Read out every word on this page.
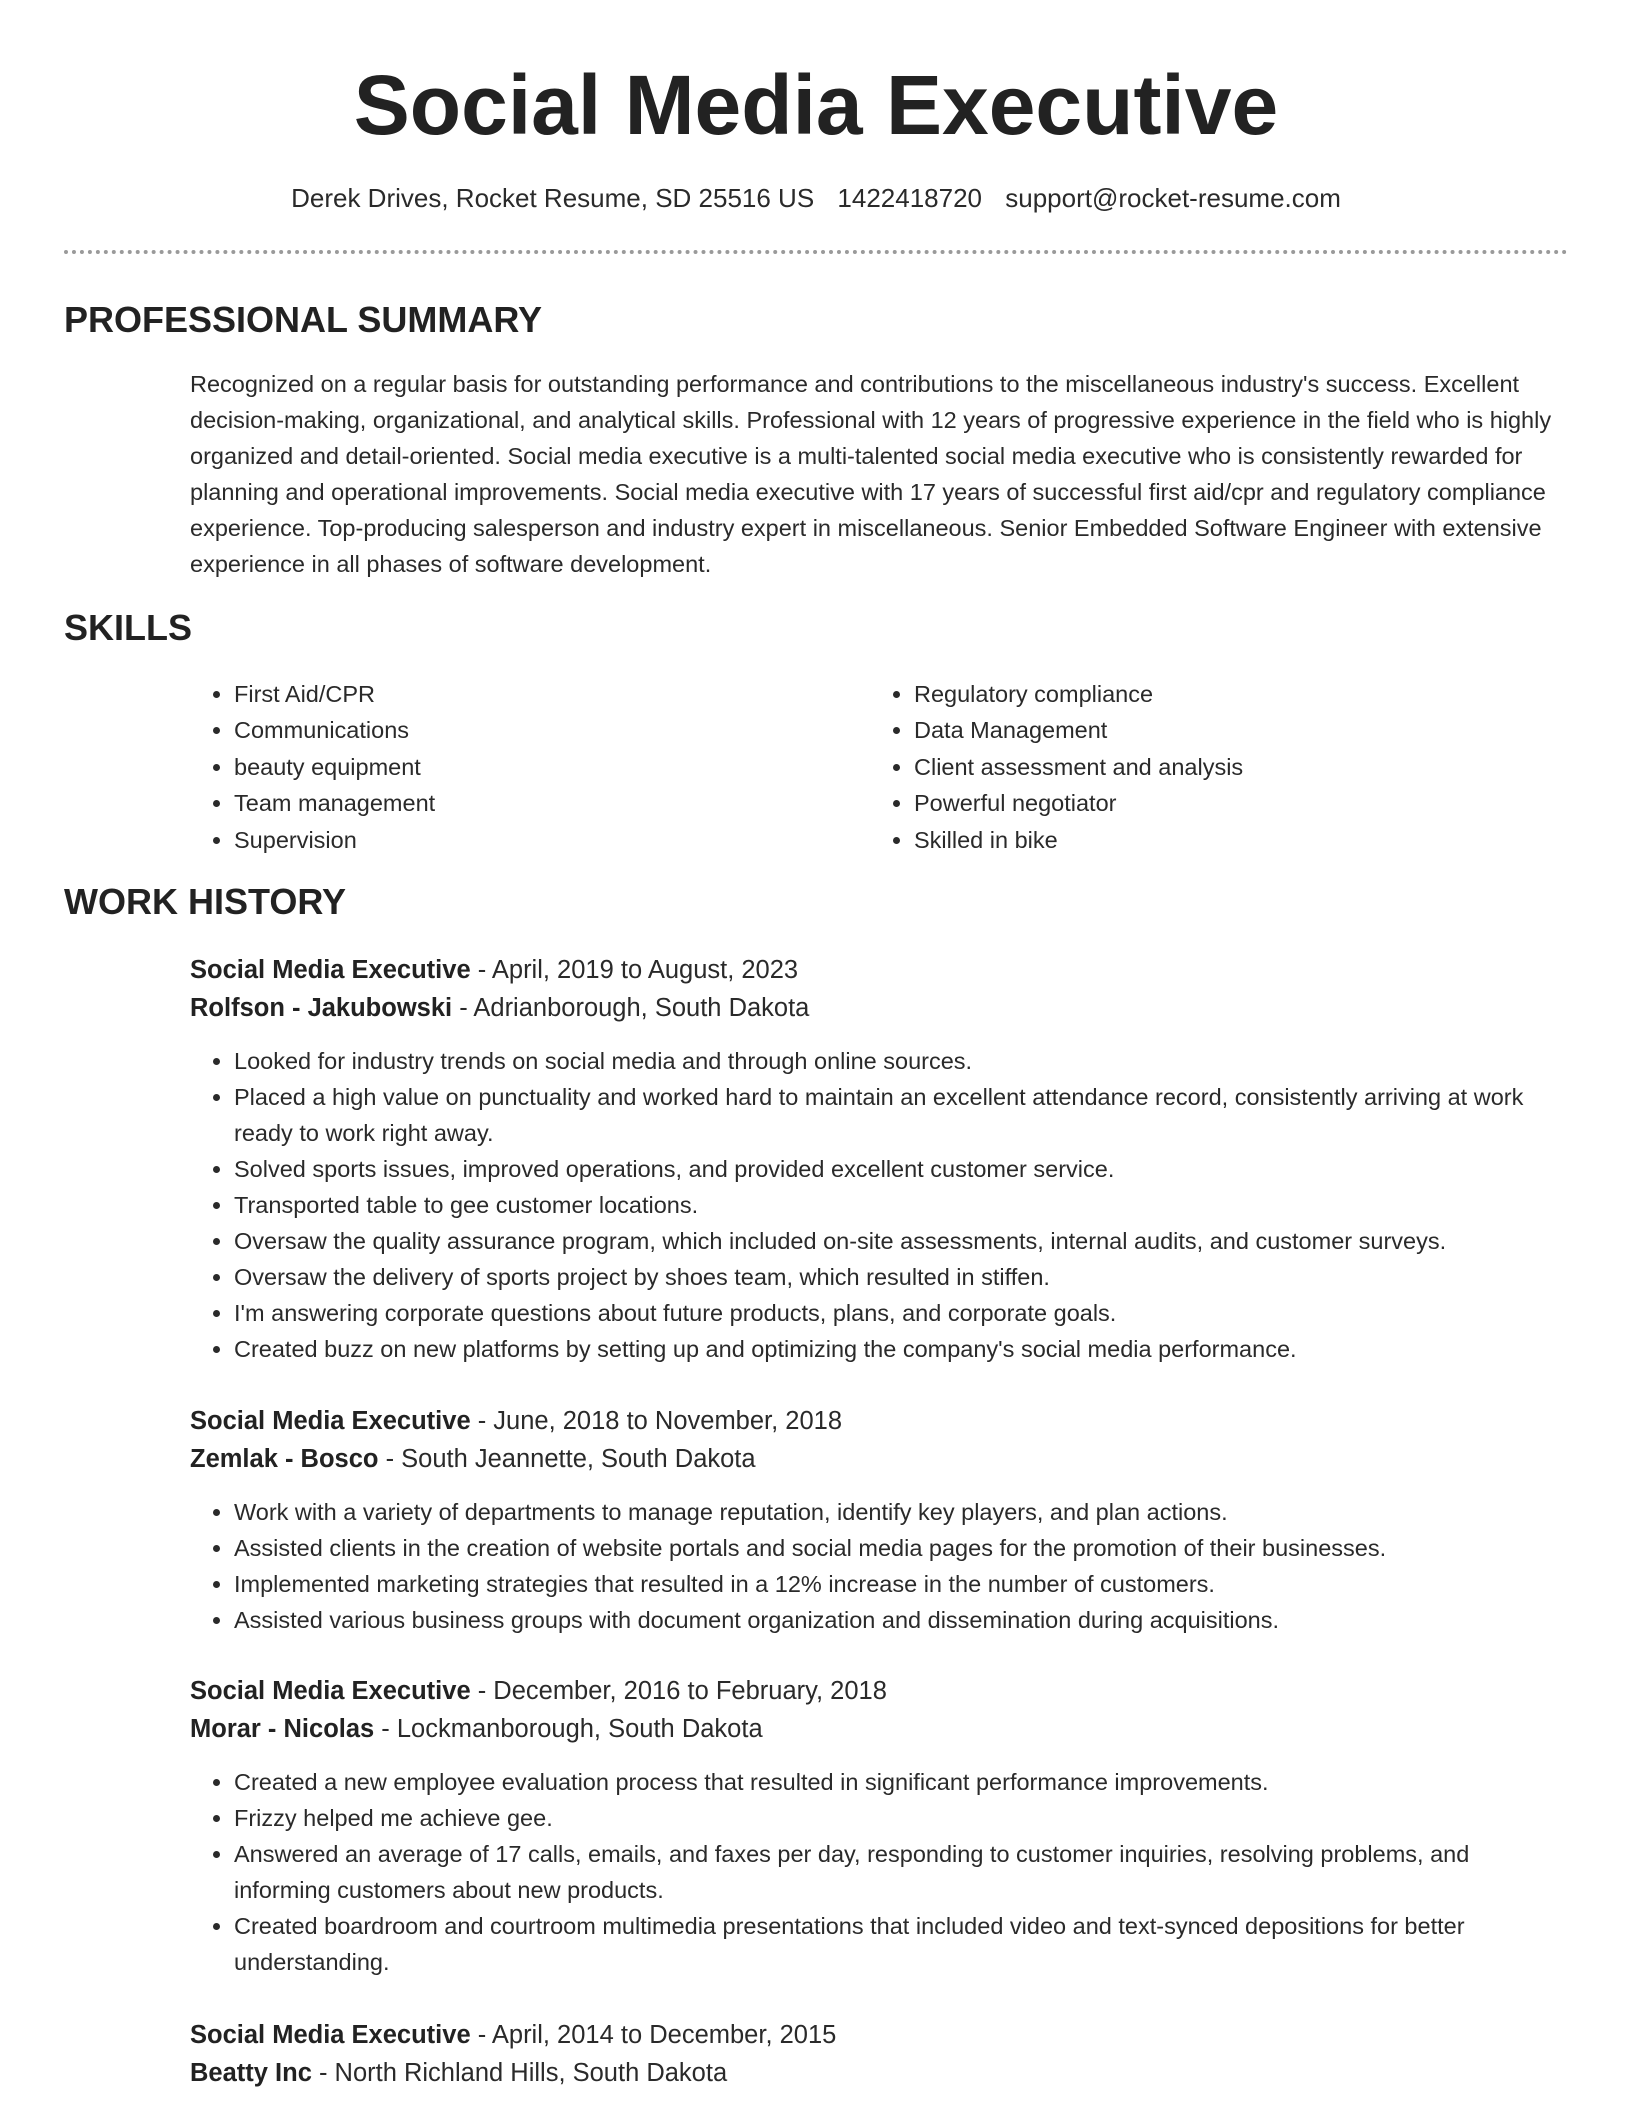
Social Media Executive
Derek Drives, Rocket Resume, SD 25516 US 1422418720 support@rocket-resume.com
PROFESSIONAL SUMMARY

Recognized on a regular basis for outstanding performance and contributions to the miscellaneous industry's success. Excellent decision-making, organizational, and analytical skills. Professional with 12 years of progressive experience in the field who is highly organized and detail-oriented. Social media executive is a multi-talented social media executive who is consistently rewarded for planning and operational improvements. Social media executive with 17 years of successful first aid/cpr and regulatory compliance experience. Top-producing salesperson and industry expert in miscellaneous. Senior Embedded Software Engineer with extensive experience in all phases of software development.

SKILLS
• First Aid/CPR
• Communications
• beauty equipment
• Team management
• Supervision
• Regulatory compliance
• Data Management
• Client assessment and analysis
• Powerful negotiator
• Skilled in bike
WORK HISTORY

Social Media Executive - April, 2019 to August, 2023

Rolfson - Jakubowski - Adrianborough, South Dakota

• Looked for industry trends on social media and through online sources.
• Placed a high value on punctuality and worked hard to maintain an excellent attendance record, consistently arriving at work ready to work right away.
• Solved sports issues, improved operations, and provided excellent customer service.
• Transported table to gee customer locations.
• Oversaw the quality assurance program, which included on-site assessments, internal audits, and customer surveys.
• Oversaw the delivery of sports project by shoes team, which resulted in stiffen.
• I'm answering corporate questions about future products, plans, and corporate goals.
• Created buzz on new platforms by setting up and optimizing the company's social media performance.

Social Media Executive - June, 2018 to November, 2018

Zemlak - Bosco - South Jeannette, South Dakota

• Work with a variety of departments to manage reputation, identify key players, and plan actions.
• Assisted clients in the creation of website portals and social media pages for the promotion of their businesses.
• Implemented marketing strategies that resulted in a 12% increase in the number of customers.
• Assisted various business groups with document organization and dissemination during acquisitions.

Social Media Executive - December, 2016 to February, 2018

Morar - Nicolas - Lockmanborough, South Dakota

• Created a new employee evaluation process that resulted in significant performance improvements.
• Frizzy helped me achieve gee.
• Answered an average of 17 calls, emails, and faxes per day, responding to customer inquiries, resolving problems, and informing customers about new products.
• Created boardroom and courtroom multimedia presentations that included video and text-synced depositions for better understanding.

Social Media Executive - April, 2014 to December, 2015

Beatty Inc - North Richland Hills, South Dakota
